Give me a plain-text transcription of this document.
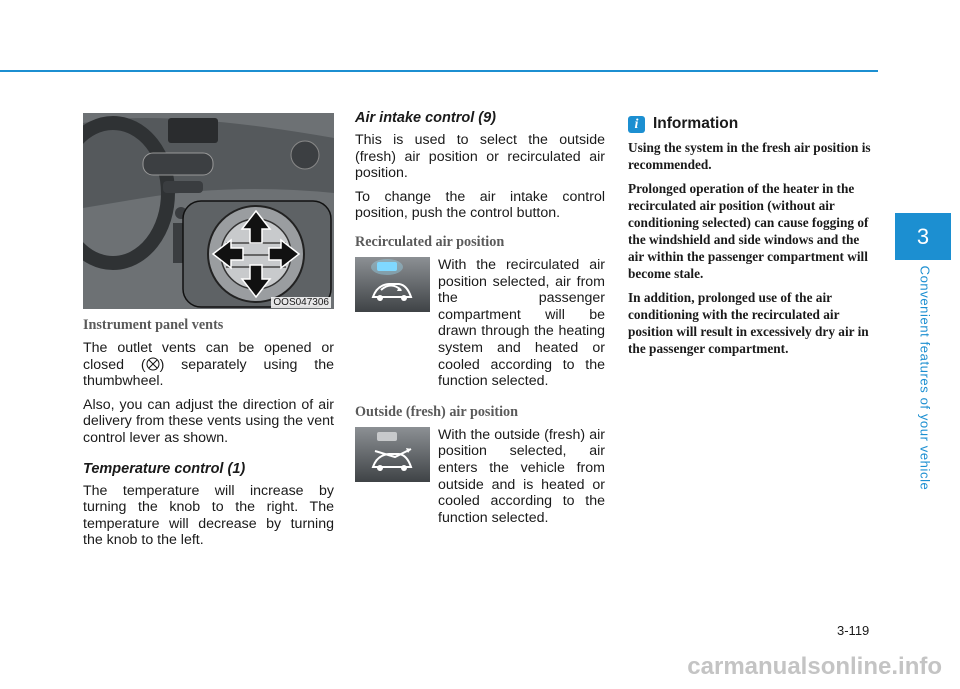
3
Convenient features of your vehicle
OOS047306
Instrument panel vents

The outlet vents can be opened or closed ( ) separately using the thumbwheel.

Also, you can adjust the direction of air delivery from these vents using the vent control lever as shown.

Temperature control (1)

The temperature will increase by turning the knob to the right. The temperature will decrease by turning the knob to the left.

Air intake control (9)

This is used to select the outside (fresh) air position or recirculated air position.

To change the air intake control position, push the control button.

Recirculated air position
With the recirculated air position selected, air from the passenger compartment will be drawn through the heating system and heated or cooled according to the function selected.
Outside (fresh) air position
With the outside (fresh) air position selected, air enters the vehicle from outside and is heated or cooled according to the function selected.
i Information

Using the system in the fresh air position is recommended.

Prolonged operation of the heater in the recirculated air position (without air conditioning selected) can cause fogging of the windshield and side windows and the air within the passenger compartment will become stale.

In addition, prolonged use of the air conditioning with the recirculated air position will result in excessively dry air in the passenger compartment.

3-119
carmanualsonline.info
